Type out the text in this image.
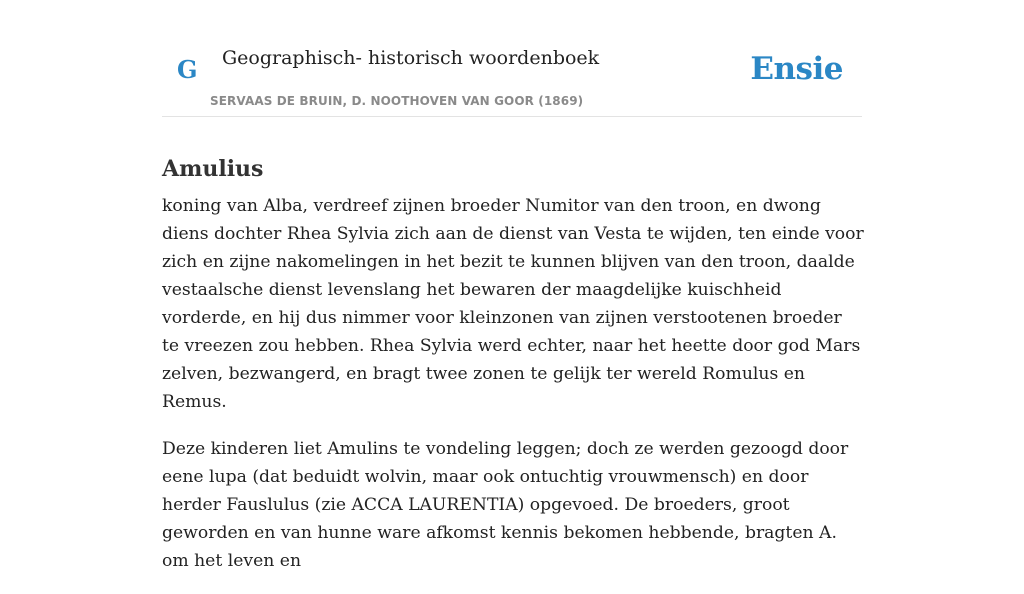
G Geographisch- historisch woordenboek
SERVAAS DE BRUIN, D. NOOTHOVEN VAN GOOR (1869)
Ensie
Amulius

koning van Alba, verdreef zijnen broeder Numitor van den troon, en dwong diens dochter Rhea Sylvia zich aan de dienst van Vesta te wijden, ten einde voor zich en zijne nakomelingen in het bezit te kunnen blijven van den troon, daalde vestaalsche dienst levenslang het bewaren der maagdelijke kuischheid vorderde, en hij dus nimmer voor kleinzonen van zijnen verstootenen broeder te vreezen zou hebben. Rhea Sylvia werd echter, naar het heette door god Mars zelven, bezwangerd, en bragt twee zonen te gelijk ter wereld Romulus en Remus.

Deze kinderen liet Amulins te vondeling leggen; doch ze werden gezoogd door eene lupa (dat beduidt wolvin, maar ook ontuchtig vrouwmensch) en door herder Fauslulus (zie ACCA LAURENTIA) opgevoed. De broeders, groot geworden en van hunne ware afkomst kennis bekomen hebbende, bragten A. om het leven en
